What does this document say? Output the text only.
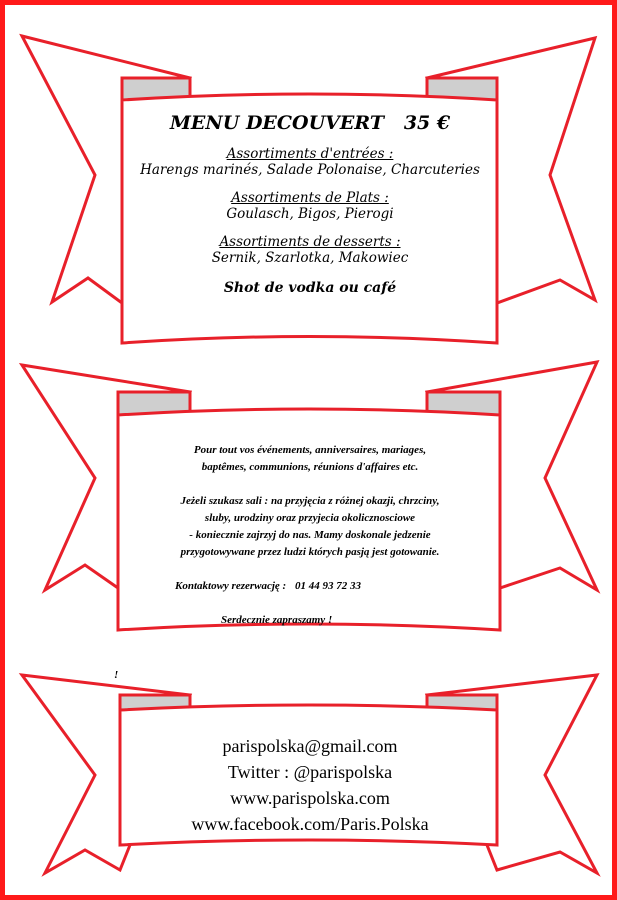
MENU DECOUVERT   35 €
Assortiments d'entrées :
Harengs marinés, Salade Polonaise, Charcuteries
Assortiments de Plats :
Goulasch, Bigos, Pierogi
Assortiments de desserts :
Sernik, Szarlotka, Makowiec
Shot de vodka ou café
Pour tout vos événements, anniversaires, mariages,
baptêmes, communions, réunions d'affaires etc.
Jeżeli szukasz sali : na przyjęcia z różnej okazji, chrzciny,
sluby, urodziny oraz przyjecia okolicznosciowe
- koniecznie zajrzyj do nas. Mamy doskonale jedzenie
przygotowywane przez ludzi których pasją jest gotowanie.
Kontaktowy rezerwację : 01 44 93 72 33
Serdecznie zapraszamy !
!
parispolska@gmail.com
Twitter : @parispolska
www.parispolska.com
www.facebook.com/Paris.Polska
